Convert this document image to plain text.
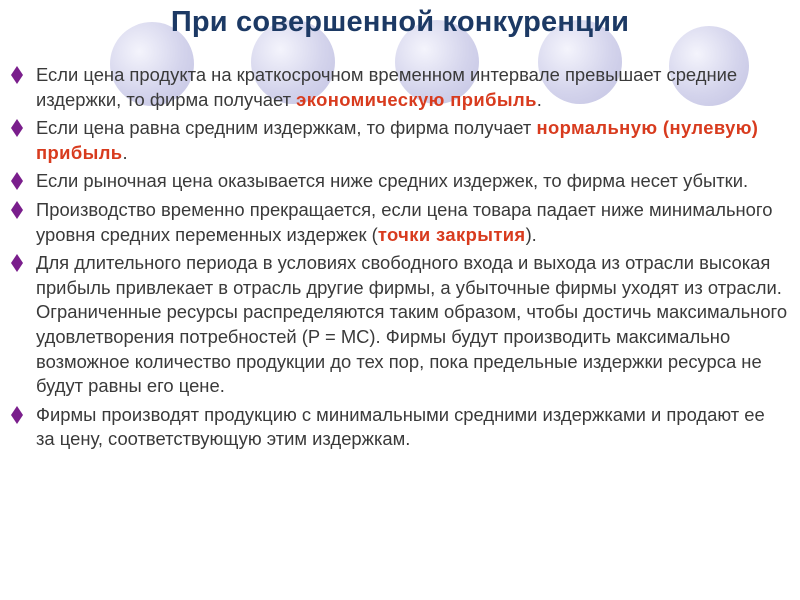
При совершенной конкуренции
Если цена продукта на краткосрочном временном интервале превышает средние издержки, то фирма получает экономическую прибыль.
Если цена равна средним издержкам, то фирма получает нормальную (нулевую) прибыль.
Если рыночная цена оказывается ниже средних издержек, то фирма несет убытки.
Производство временно прекращается, если цена товара падает ниже минимального уровня средних переменных издержек (точки закрытия).
Для длительного периода в условиях свободного входа и выхода из отрасли высокая прибыль привлекает в отрасль другие фирмы, а убыточные фирмы уходят из отрасли. Ограниченные ресурсы распределяются таким образом, чтобы достичь максимального удовлетворения потребностей (P = MC). Фирмы будут производить максимально возможное количество продукции до тех пор, пока предельные издержки ресурса не будут равны его цене.
Фирмы производят продукцию с минимальными средними издержками и продают ее за цену, соответствующую этим издержкам.
